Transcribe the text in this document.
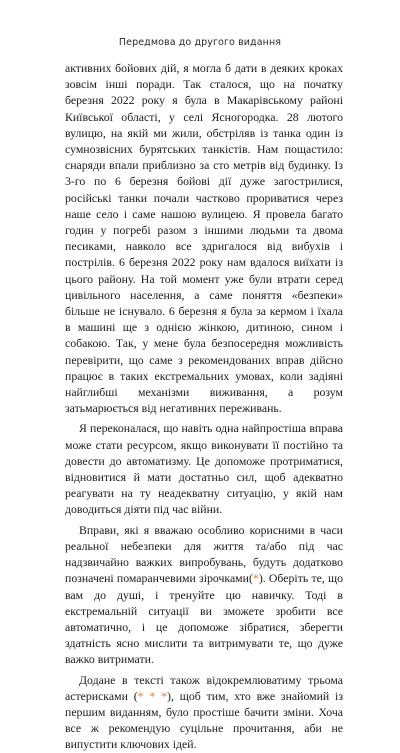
Передмова до другого видання

активних бойових дій, я могла б дати в деяких кроках зовсім інші поради. Так сталося, що на початку березня 2022 року я була в Макарівському районі Київської області, у селі Ясногородка. 28 лютого вулицю, на якій ми жили, обстріляв із танка один із сумнозвісних бурятських танкістів. Нам пощастило: снаряди впали приблизно за сто метрів від будинку. Із 3-го по 6 березня бойові дії дуже загострилися, російські танки почали частково прориватися через наше село і саме нашою вулицею. Я провела багато годин у погребі разом з іншими людьми та двома песиками, навколо все здригалося від вибухів і пострілів. 6 березня 2022 року нам вдалося виїхати із цього району. На той момент уже були втрати серед цивільного населення, а саме поняття «безпеки» більше не існувало. 6 березня я була за кермом і їхала в машині ще з однією жінкою, дитиною, сином і собакою. Так, у мене була безпосередня можливість перевірити, що саме з рекомендованих вправ дійсно працює в таких екстремальних умовах, коли задіяні найглибші механізми виживання, а розум затьмарюється від негативних переживань.

Я переконалася, що навіть одна найпростіша вправа може стати ресурсом, якщо виконувати її постійно та довести до автоматизму. Це допоможе протриматися, відновитися й мати достатньо сил, щоб адекватно реагувати на ту неадекватну ситуацію, у якій нам доводиться діяти під час війни.

Вправи, які я вважаю особливо корисними в часи реальної небезпеки для життя та/або під час надзвичайно важких випробувань, будуть додатково позначені помаранчевими зірочками(*). Оберіть те, що вам до душі, і тренуйте цю навичку. Тоді в екстремальній ситуації ви зможете зробити все автоматично, і це допоможе зібратися, зберегти здатність ясно мислити та витримувати те, що дуже важко витримати.

Додане в тексті також відокремлюватиму трьома астерисками (* * *), щоб тим, хто вже знайомий із першим виданням, було простіше бачити зміни. Хоча все ж рекомендую суцільне прочитання, аби не випустити ключових ідей.
